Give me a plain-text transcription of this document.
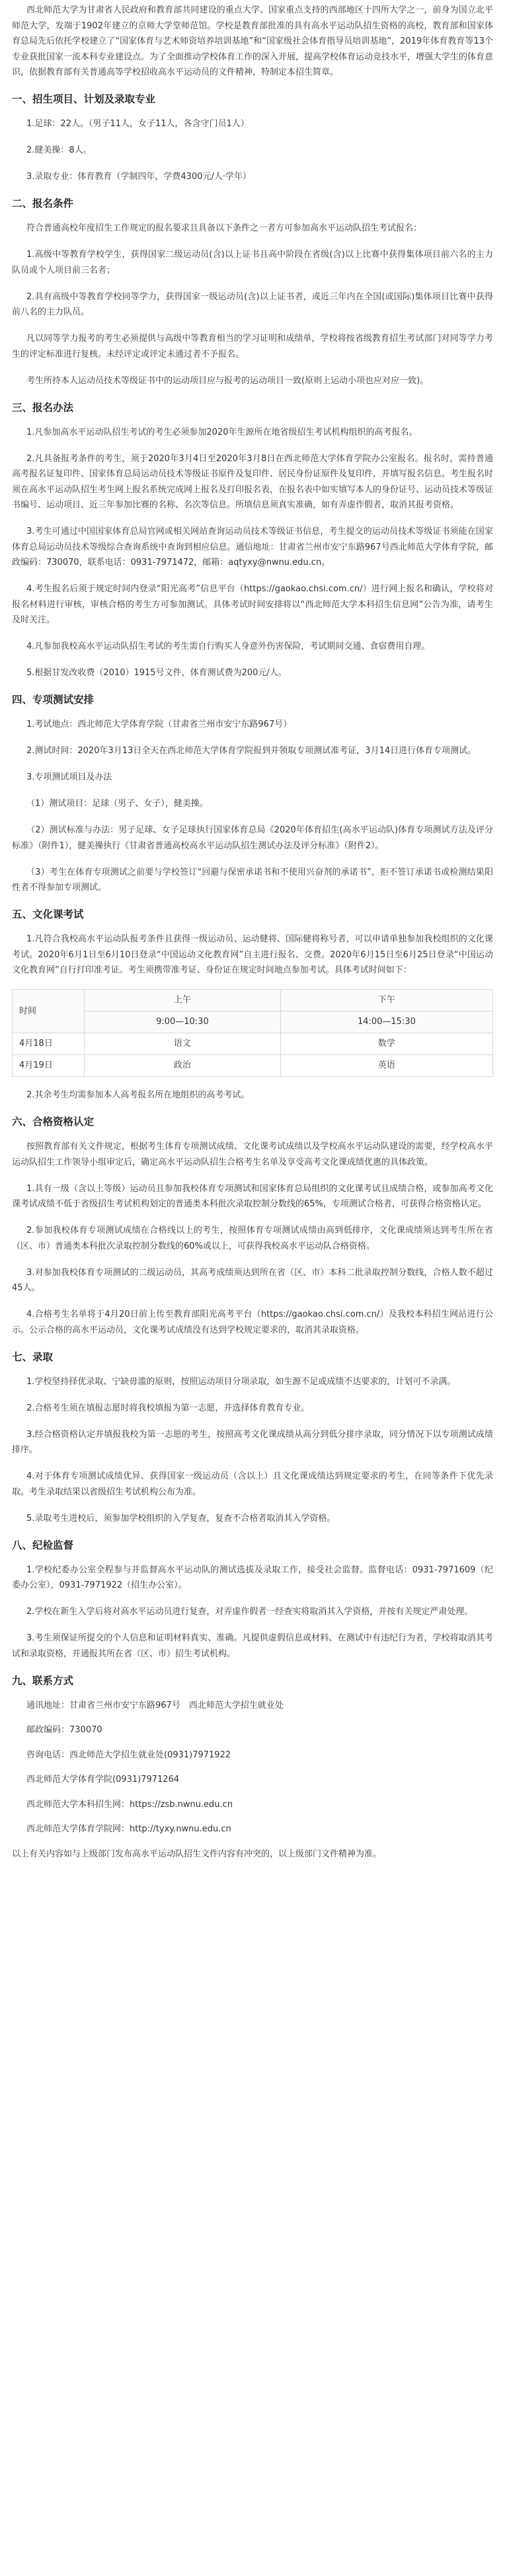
西北师范大学为甘肃省人民政府和教育部共同建设的重点大学、国家重点支持的西部地区十四所大学之一，前身为国立北平师范大学，发端于1902年建立的京师大学堂师范馆。学校是教育部批准的具有高水平运动队招生资格的高校，教育部和国家体育总局先后依托学校建立了“国家体育与艺术师资培养培训基地”和“国家级社会体育指导员培训基地”，2019年体育教育等13个专业获批国家一流本科专业建设点。为了全面推动学校体育工作的深入开展，提高学校体育运动竞技水平，增强大学生的体育意识，依据教育部有关普通高等学校招收高水平运动员的文件精神，特制定本招生简章。

一、招生项目、计划及录取专业

1.足球：22人。（男子11人，女子11人，各含守门员1人）

2.健美操：8人。

3.录取专业：体育教育（学制四年，学费4300元/人·学年）

二、报名条件

符合普通高校年度招生工作规定的报名要求且具备以下条件之一者方可参加高水平运动队招生考试报名：

1.高级中等教育学校学生，获得国家二级运动员(含)以上证书且高中阶段在省级(含)以上比赛中获得集体项目前六名的主力队员或个人项目前三名者；

2.具有高级中等教育学校同等学力，获得国家一级运动员(含)以上证书者，或近三年内在全国(或国际)集体项目比赛中获得前八名的主力队员。

凡以同等学力报考的考生必须提供与高级中等教育相当的学习证明和成绩单，学校将按省级教育招生考试部门对同等学力考生的评定标准进行复核。未经评定或评定未通过者不予报名。

考生所持本人运动员技术等级证书中的运动项目应与报考的运动项目一致(原则上运动小项也应对应一致)。

三、报名办法

1.凡参加高水平运动队招生考试的考生必须参加2020年生源所在地省级招生考试机构组织的高考报名。

2.凡具备报考条件的考生，须于2020年3月4日至2020年3月8日在西北师范大学体育学院办公室报名。报名时，需持普通高考报名证复印件、国家体育总局运动员技术等级证书原件及复印件、居民身份证原件及复印件，并填写报名信息。考生报名时须在高水平运动队招生考生网上报名系统完成网上报名及打印报名表，在报名表中如实填写本人的身份证号、运动员技术等级证书编号、运动项目、近三年参加比赛的名称、名次等信息。所填信息须真实准确，如有弄虚作假者，取消其报考资格。

3.考生可通过中国国家体育总局官网或相关网站查询运动员技术等级证书信息，考生提交的运动员技术等级证书须能在国家体育总局运动员技术等级综合查询系统中查询到相应信息。通信地址：甘肃省兰州市安宁东路967号西北师范大学体育学院，邮政编码：730070，联系电话：0931-7971472，邮箱：aqtyxy@nwnu.edu.cn。

4.考生报名后须于规定时间内登录“阳光高考”信息平台（https://gaokao.chsi.com.cn/）进行网上报名和确认，学校将对报名材料进行审核，审核合格的考生方可参加测试。具体考试时间安排将以“西北师范大学本科招生信息网”公告为准，请考生及时关注。

4.凡参加我校高水平运动队招生考试的考生需自行购买人身意外伤害保险，考试期间交通、食宿费用自理。

5.根据甘发改收费（2010）1915号文件，体育测试费为200元/人。

四、专项测试安排

1.考试地点：西北师范大学体育学院（甘肃省兰州市安宁东路967号）

2.测试时间：2020年3月13日全天在西北师范大学体育学院报到并领取专项测试准考证，3月14日进行体育专项测试。

3.专项测试项目及办法

（1）测试项目：足球（男子、女子），健美操。

（2）测试标准与办法：男子足球、女子足球执行国家体育总局《2020年体育招生(高水平运动队)体育专项测试方法及评分标准》（附件1），健美操执行《甘肃省普通高校高水平运动队招生测试办法及评分标准》（附件2）。

（3）考生在体育专项测试之前要与学校签订“回避与保密承诺书和不使用兴奋剂的承诺书”，拒不签订承诺书或检测结果阳性者不得参加专项测试。

五、文化课考试

1.凡符合我校高水平运动队报考条件且获得一级运动员、运动健将、国际健将称号者，可以申请单独参加我校组织的文化课考试。2020年6月1日至6月10日登录“中国运动文化教育网”自主进行报名、交费。2020年6月15日至6月25日登录“中国运动文化教育网”自行打印准考证。考生须携带准考证、身份证在规定时间地点参加考试。具体考试时间如下：

时间	上午	下午
	9:00—10:30	14:00—15:30
4月18日	语文	数学
4月19日	政治	英语

2.其余考生均需参加本人高考报名所在地组织的高考考试。

六、合格资格认定

按照教育部有关文件规定，根据考生体育专项测试成绩、文化课考试成绩以及学校高水平运动队建设的需要，经学校高水平运动队招生工作领导小组审定后，确定高水平运动队招生合格考生名单及享受高考文化课成绩优惠的具体政策。

1.具有一级（含以上等级）运动员且参加我校体育专项测试和国家体育总局组织的文化课考试且成绩合格，或参加高考文化课考试成绩不低于省级招生考试机构划定的普通类本科批次录取控制分数线的65%，专项测试合格者，可获得合格资格认定。

2.参加我校体育专项测试成绩在合格线以上的考生，按照体育专项测试成绩由高到低排序，文化课成绩须达到考生所在省（区、市）普通类本科批次录取控制分数线的60%或以上，可获得我校高水平运动队合格资格。

3.对参加我校体育专项测试的二级运动员，其高考成绩须达到所在省（区、市）本科二批录取控制分数线，合格人数不超过45人。

4.合格考生名单将于4月20日前上传至教育部阳光高考平台（https://gaokao.chsi.com.cn/）及我校本科招生网站进行公示。公示合格的高水平运动员，文化课考试成绩没有达到学校规定要求的，取消其录取资格。

七、录取

1.学校坚持择优录取、宁缺毋滥的原则，按照运动项目分项录取，如生源不足或成绩不达要求的，计划可不录满。

2.合格考生须在填报志愿时将我校填报为第一志愿，并选择体育教育专业。

3.经合格资格认定并填报我校为第一志愿的考生，按照高考文化课成绩从高分到低分排序录取，同分情况下以专项测试成绩排序。

4.对于体育专项测试成绩优异、获得国家一级运动员（含以上）且文化课成绩达到规定要求的考生，在同等条件下优先录取。考生录取结果以省级招生考试机构公布为准。

5.录取考生进校后，须参加学校组织的入学复查，复查不合格者取消其入学资格。

八、纪检监督

1.学校纪委办公室全程参与并监督高水平运动队的测试选拔及录取工作，接受社会监督。监督电话：0931-7971609（纪委办公室），0931-7971922（招生办公室）。

2.学校在新生入学后将对高水平运动员进行复查，对弄虚作假者一经查实将取消其入学资格，并按有关规定严肃处理。

3.考生须保证所提交的个人信息和证明材料真实、准确。凡提供虚假信息或材料、在测试中有违纪行为者，学校将取消其考试和录取资格，并通报其所在省（区、市）招生考试机构。

九、联系方式

通讯地址：甘肃省兰州市安宁东路967号　西北师范大学招生就业处

邮政编码：730070

咨询电话：西北师范大学招生就业处(0931)7971922

西北师范大学体育学院(0931)7971264

西北师范大学本科招生网：https://zsb.nwnu.edu.cn

西北师范大学体育学院网：http://tyxy.nwnu.edu.cn

以上有关内容如与上级部门发布高水平运动队招生文件内容有冲突的，以上级部门文件精神为准。
